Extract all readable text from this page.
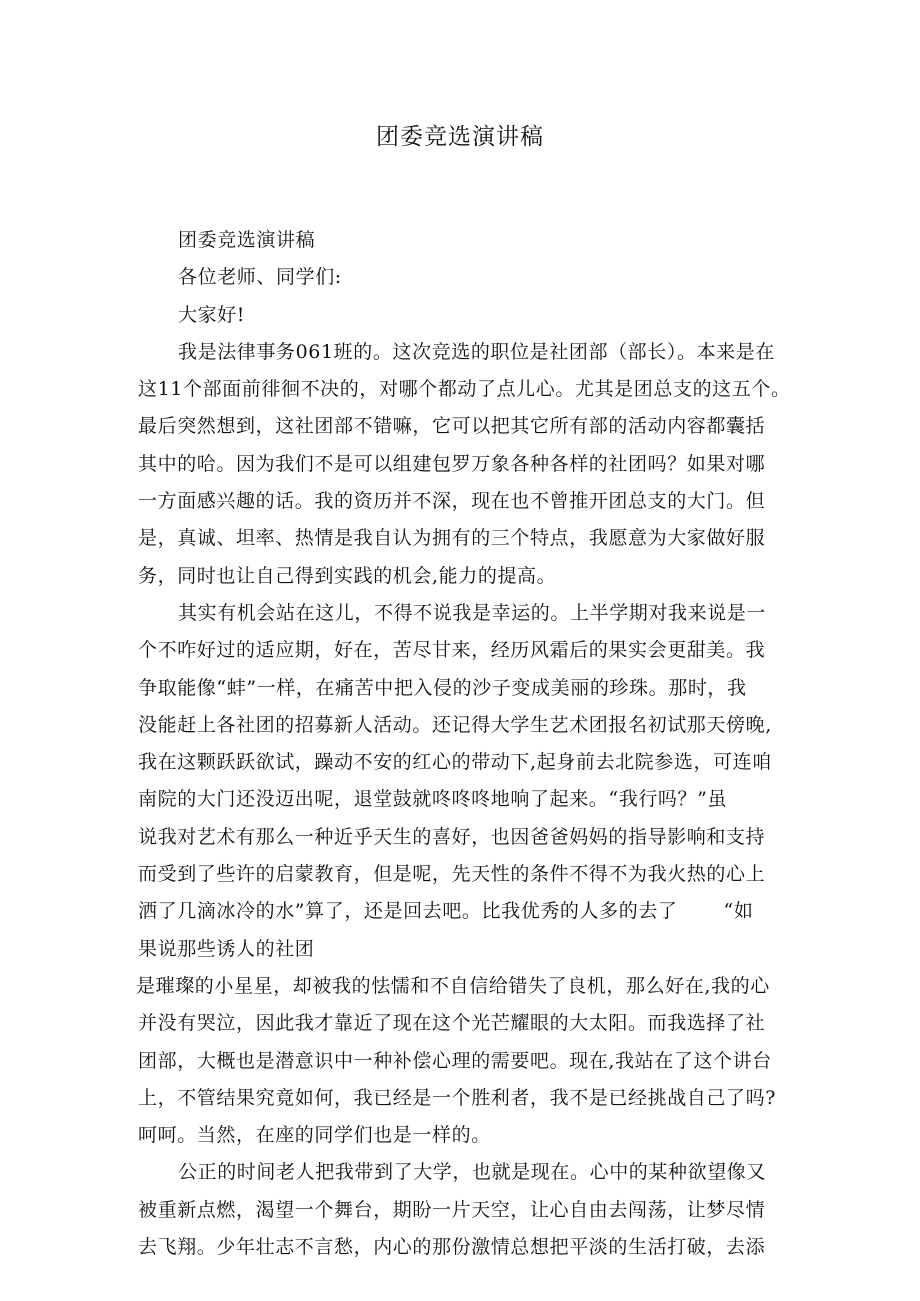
团委竞选演讲稿
团委竞选演讲稿
各位老师、同学们:
大家好!
我是法律事务061班的。这次竞选的职位是社团部（部长）。本来是在
这11个部面前徘徊不决的，对哪个都动了点儿心。尤其是团总支的这五个。
最后突然想到，这社团部不错嘛，它可以把其它所有部的活动内容都囊括
其中的哈。因为我们不是可以组建包罗万象各种各样的社团吗？如果对哪
一方面感兴趣的话。我的资历并不深，现在也不曾推开团总支的大门。但
是，真诚、坦率、热情是我自认为拥有的三个特点，我愿意为大家做好服
务，同时也让自己得到实践的机会,能力的提高。
其实有机会站在这儿，不得不说我是幸运的。上半学期对我来说是一
个不咋好过的适应期，好在，苦尽甘来，经历风霜后的果实会更甜美。我
争取能像“蚌”一样，在痛苦中把入侵的沙子变成美丽的珍珠。那时，我
没能赶上各社团的招募新人活动。还记得大学生艺术团报名初试那天傍晚,
我在这颗跃跃欲试，躁动不安的红心的带动下,起身前去北院参选，可连咱
南院的大门还没迈出呢，退堂鼓就咚咚咚地响了起来。“我行吗？”虽
说我对艺术有那么一种近乎天生的喜好，也因爸爸妈妈的指导影响和支持
而受到了些许的启蒙教育，但是呢，先天性的条件不得不为我火热的心上
洒了几滴冰冷的水”算了，还是回去吧。比我优秀的人多的去了 “如
果说那些诱人的社团
是璀璨的小星星，却被我的怯懦和不自信给错失了良机，那么好在,我的心
并没有哭泣，因此我才靠近了现在这个光芒耀眼的大太阳。而我选择了社
团部，大概也是潜意识中一种补偿心理的需要吧。现在,我站在了这个讲台
上，不管结果究竟如何，我已经是一个胜利者，我不是已经挑战自己了吗?
呵呵。当然，在座的同学们也是一样的。
公正的时间老人把我带到了大学，也就是现在。心中的某种欲望像又
被重新点燃，渴望一个舞台，期盼一片天空，让心自由去闯荡，让梦尽情
去飞翔。少年壮志不言愁，内心的那份激情总想把平淡的生活打破，去添
